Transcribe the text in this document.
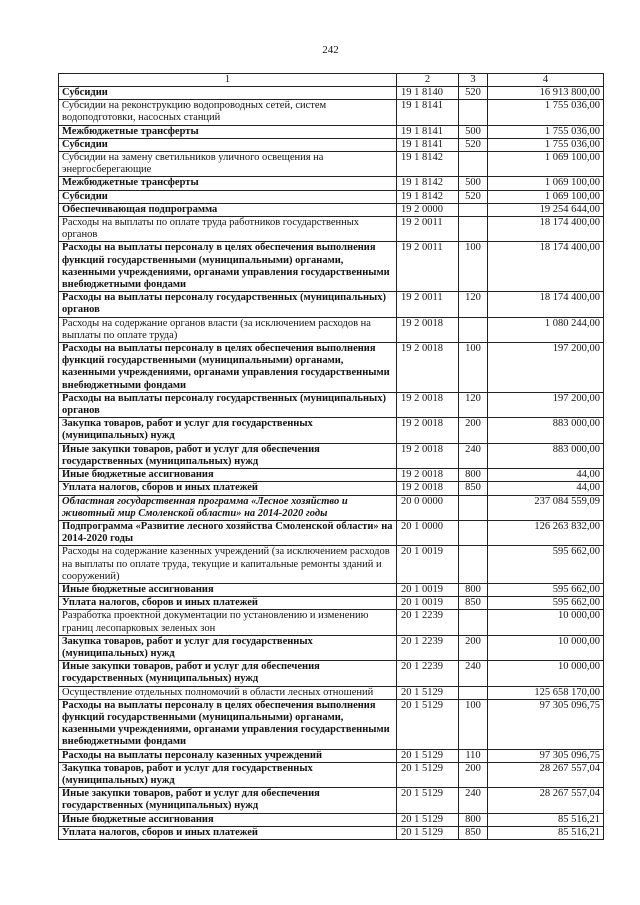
242
1	2	3	4
Субсидии	19 1 8140	520	16 913 800,00
Субсидии на реконструкцию водопроводных сетей, систем водоподготовки, насосных станций	19 1 8141		1 755 036,00
Межбюджетные трансферты	19 1 8141	500	1 755 036,00
Субсидии	19 1 8141	520	1 755 036,00
Субсидии на замену светильников уличного освещения на энергосберегающие	19 1 8142		1 069 100,00
Межбюджетные трансферты	19 1 8142	500	1 069 100,00
Субсидии	19 1 8142	520	1 069 100,00
Обеспечивающая подпрограмма	19 2 0000		19 254 644,00
Расходы на выплаты по оплате труда работников государственных органов	19 2 0011		18 174 400,00
Расходы на выплаты персоналу в целях обеспечения выполнения функций государственными (муниципальными) органами, казенными учреждениями, органами управления государственными внебюджетными фондами	19 2 0011	100	18 174 400,00
Расходы на выплаты персоналу государственных (муниципальных) органов	19 2 0011	120	18 174 400,00
Расходы на содержание органов власти (за исключением расходов на выплаты по оплате труда)	19 2 0018		1 080 244,00
Расходы на выплаты персоналу в целях обеспечения выполнения функций государственными (муниципальными) органами, казенными учреждениями, органами управления государственными внебюджетными фондами	19 2 0018	100	197 200,00
Расходы на выплаты персоналу государственных (муниципальных) органов	19 2 0018	120	197 200,00
Закупка товаров, работ и услуг для государственных (муниципальных) нужд	19 2 0018	200	883 000,00
Иные закупки товаров, работ и услуг для обеспечения государственных (муниципальных) нужд	19 2 0018	240	883 000,00
Иные бюджетные ассигнования	19 2 0018	800	44,00
Уплата налогов, сборов и иных платежей	19 2 0018	850	44,00
Областная государственная программа «Лесное хозяйство и животный мир Смоленской области» на 2014-2020 годы	20 0 0000		237 084 559,09
Подпрограмма «Развитие лесного хозяйства Смоленской области» на 2014-2020 годы	20 1 0000		126 263 832,00
Расходы на содержание казенных учреждений (за исключением расходов на выплаты по оплате труда, текущие и капитальные ремонты зданий и сооружений)	20 1 0019		595 662,00
Иные бюджетные ассигнования	20 1 0019	800	595 662,00
Уплата налогов, сборов и иных платежей	20 1 0019	850	595 662,00
Разработка проектной документации по установлению и изменению границ лесопарковых зеленых зон	20 1 2239		10 000,00
Закупка товаров, работ и услуг для государственных (муниципальных) нужд	20 1 2239	200	10 000,00
Иные закупки товаров, работ и услуг для обеспечения государственных (муниципальных) нужд	20 1 2239	240	10 000,00
Осуществление отдельных полномочий в области лесных отношений	20 1 5129		125 658 170,00
Расходы на выплаты персоналу в целях обеспечения выполнения функций государственными (муниципальными) органами, казенными учреждениями, органами управления государственными внебюджетными фондами	20 1 5129	100	97 305 096,75
Расходы на выплаты персоналу казенных учреждений	20 1 5129	110	97 305 096,75
Закупка товаров, работ и услуг для государственных (муниципальных) нужд	20 1 5129	200	28 267 557,04
Иные закупки товаров, работ и услуг для обеспечения государственных (муниципальных) нужд	20 1 5129	240	28 267 557,04
Иные бюджетные ассигнования	20 1 5129	800	85 516,21
Уплата налогов, сборов и иных платежей	20 1 5129	850	85 516,21
